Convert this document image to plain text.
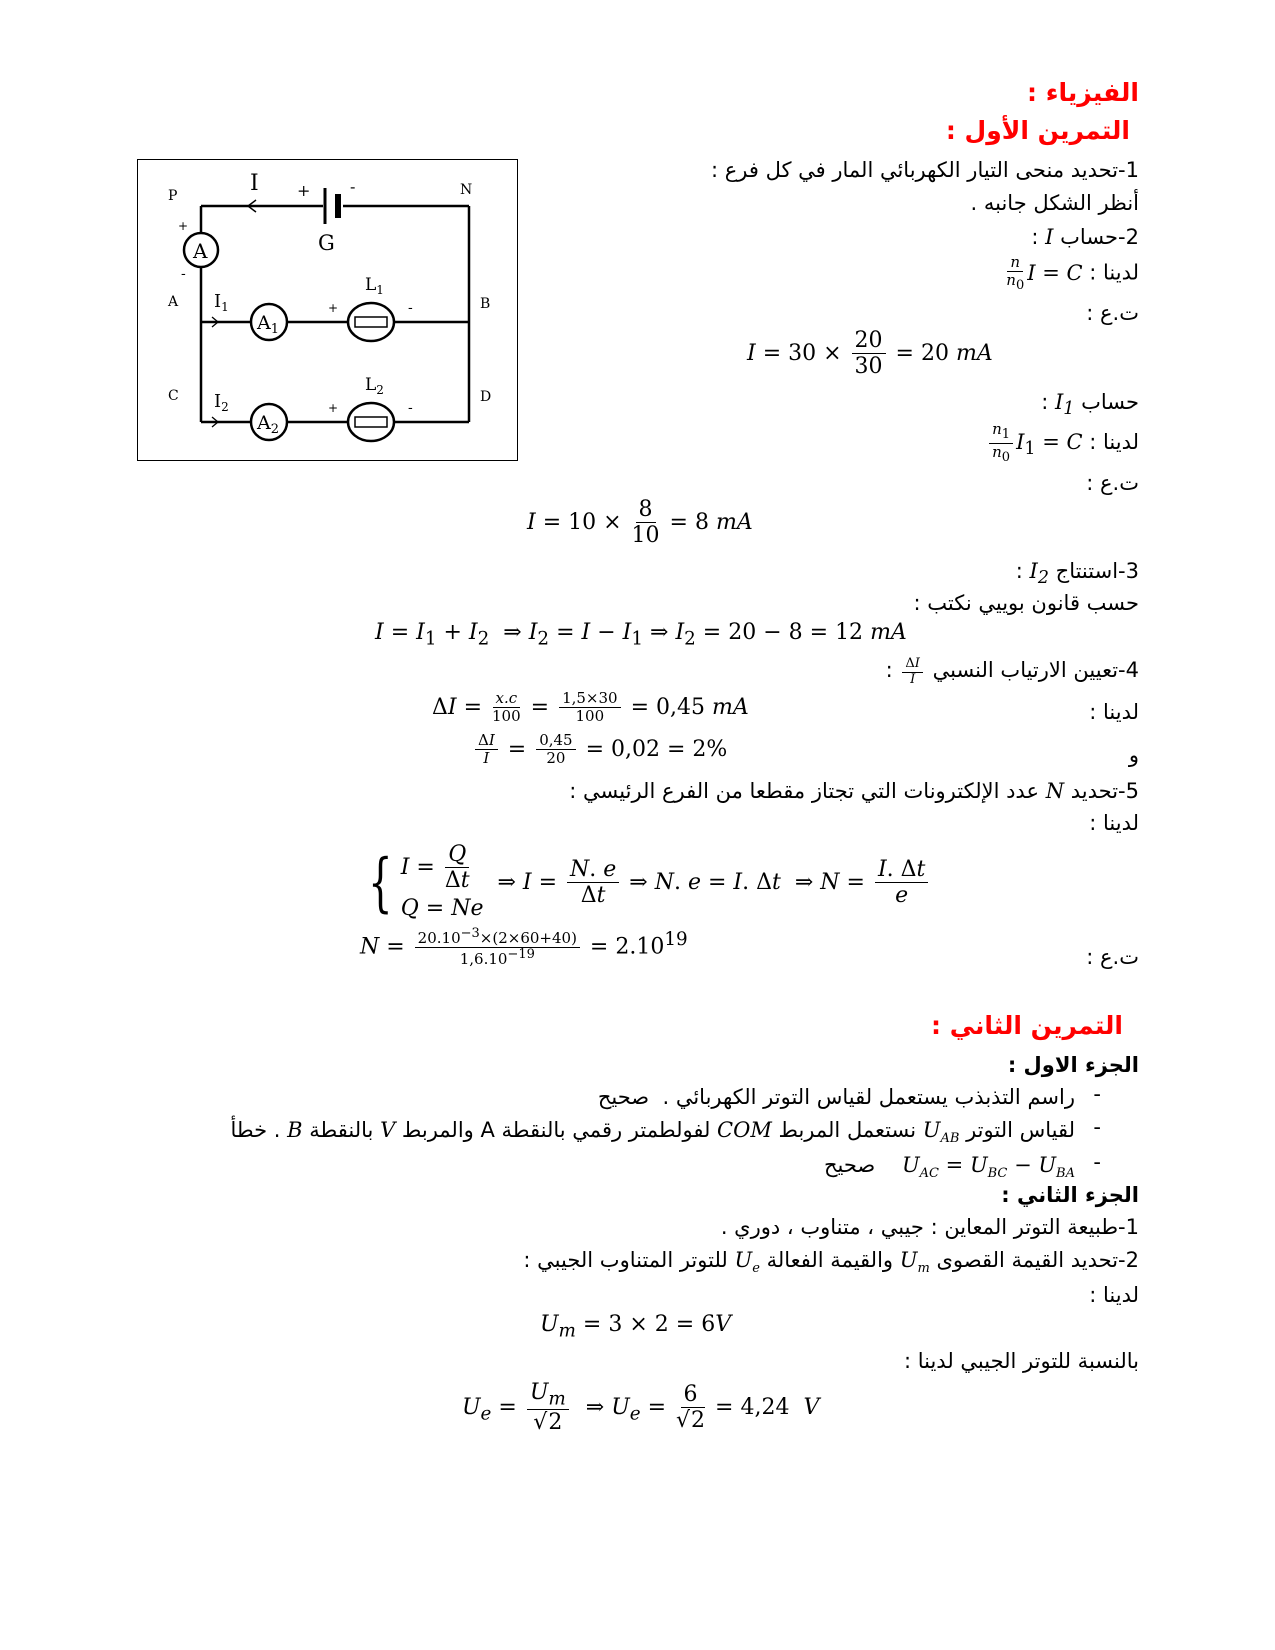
الفيزياء :
التمرين الأول :
1-تحديد منحى التيار الكهربائي المار في كل فرع :
أنظر الشكل جانبه .
2-حساب I :
لدينا : I = C
$\frac{n}{n_0}$
ت.ع :
$I = 30 \times \frac{20}{30} = 20$ mA
حساب $I_1$ :
لدينا : $I_1 = C$
$\frac{n_1}{n_0}$
ت.ع :
$I = 10 \times \frac{8}{10} = 8$ mA
3-استنتاج $I_2$ :
حسب قانون بوييي نكتب :
$I = I_1 + I_2$  ⇒ $I_2 = I - I_1$ ⇒ $I_2 = 20 - 8 = 12$ mA
4-تعيين الارتياب النسبي
$\frac{\Delta I}{I}$
:
لدينا :
$\Delta I = \frac{x.c}{100} = \frac{1,5\times 30}{100} = 0,45$ mA
و
$\frac{\Delta I}{I} = \frac{0,45}{20} = 0,02 = 2\%$
5-تحديد N عدد الإلكترونات التي تجتاز مقطعا من الفرع الرئيسي :
لدينا :
{ $I = \frac{Q}{\Delta t}$
Q = Ne
⇒ $I = \frac{N. e}{\Delta t}$ ⇒ N. e = I. Δt  ⇒ $N = \frac{I. \Delta t}{e}$
ت.ع :
$N = \frac{20.10^{-3}\times(2\times 60+40)}{1,6.10^{-19}} = 2.10^{19}$
التمرين الثاني :
الجزء الاول :
-
راسم التذبذب يستعمل لقياس التوتر الكهربائي .  صحيح
-
لقياس التوتر $U_{AB}$ نستعمل المربط COM لفولطمتر رقمي بالنقطة A والمربط V بالنقطة B . خطأ
-
$U_{AC} = U_{BC} - U_{BA}$    صحيح
الجزء الثاني :
1-طبيعة التوتر المعاين : جيبي ، متناوب ، دوري .
2-تحديد القيمة القصوى $U_m$ والقيمة الفعالة $U_e$ للتوتر المتناوب الجيبي :
لدينا :
$U_m = 3 \times 2 = 6V$
بالنسبة للتوتر الجيبي لدينا :
$U_e = \frac{U_m}{√2}$ ⇒ $U_e = \frac{6}{√2} = 4,24$  V
+ -
G
I
A
+
-
$A_1$
$A_2$
$L_1$
+	-
$L_2$
+	-
$I_1$
$I_2$
P	N
A	B
C	D
